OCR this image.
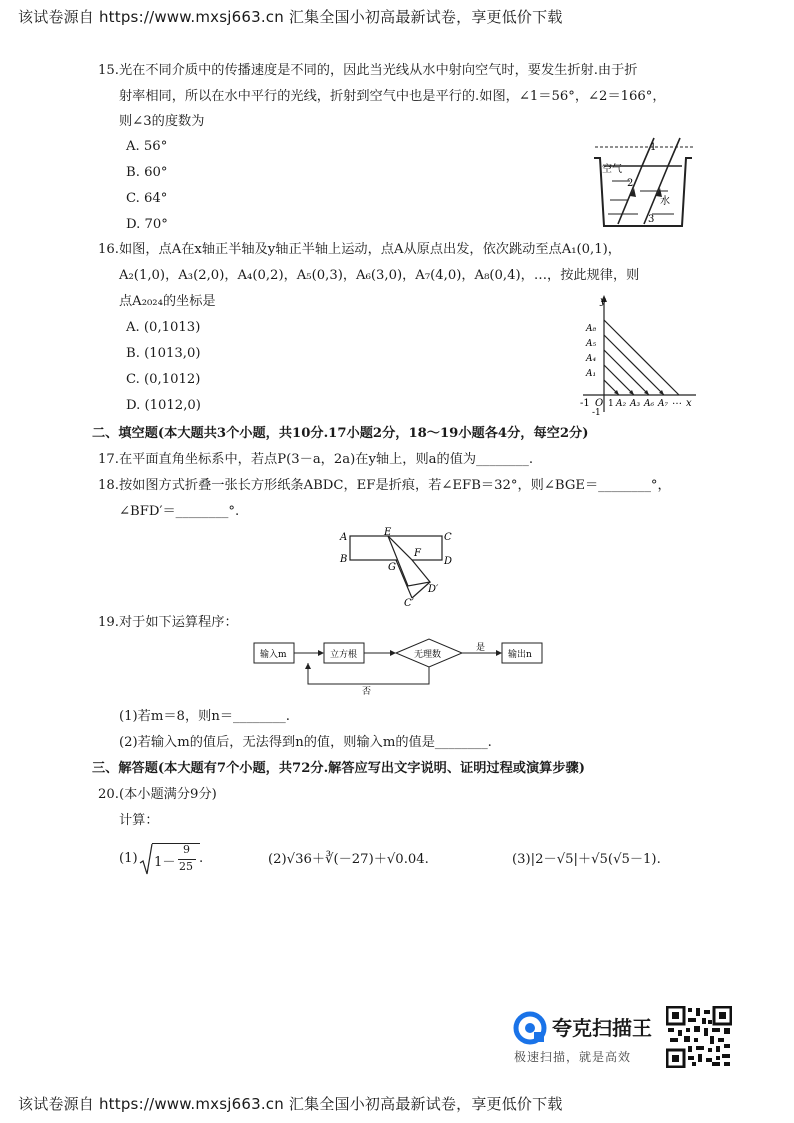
该试卷源自 https://www.mxsj663.cn 汇集全国小初高最新试卷，享更低价下载
15.光在不同介质中的传播速度是不同的，因此当光线从水中射向空气时，要发生折射.由于折
射率相同，所以在水中平行的光线，折射到空气中也是平行的.如图，∠1＝56°，∠2＝166°，
则∠3的度数为
A. 56°
B. 60°
C. 64°
D. 70°
1
2
3
空气
水
16.如图，点A在x轴正半轴及y轴正半轴上运动，点A从原点出发，依次跳动至点A₁(0,1)，
A₂(1,0)，A₃(2,0)，A₄(0,2)，A₅(0,3)，A₆(3,0)，A₇(4,0)，A₈(0,4)，…，按此规律，则
点A₂₀₂₄的坐标是
A. (0,1013)
B. (1013,0)
C. (0,1012)
D. (1012,0)
y
x
O
-1
-1
1
A₈
A₅
A₄
A₁
A₂ A₃ A₆ A₇ …
二、填空题(本大题共3个小题，共10分.17小题2分，18～19小题各4分，每空2分)
17.在平面直角坐标系中，若点P(3－a，2a)在y轴上，则a的值为________.
18.按如图方式折叠一张长方形纸条ABDC，EF是折痕，若∠EFB＝32°，则∠BGE＝________°，
∠BFD′＝________°.
A
B
C
D
E
F
G
C′
D′
19.对于如下运算程序：
输入m	立方根	无理数
是
输出n
否
(1)若m＝8，则n＝________.
(2)若输入m的值后，无法得到n的值，则输入m的值是________.
三、解答题(本大题有7个小题，共72分.解答应写出文字说明、证明过程或演算步骤)
20.(本小题满分9分)
计算：
(1) 1－
9
25
.	(2)√36＋∛(－27)＋√0.04.	(3)|2－√5|＋√5(√5－1).
夸克扫描王
极速扫描，就是高效
该试卷源自 https://www.mxsj663.cn 汇集全国小初高最新试卷，享更低价下载
